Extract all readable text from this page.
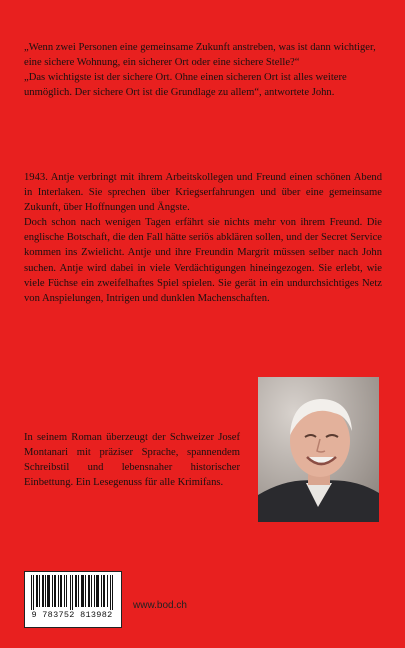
„Wenn zwei Personen eine gemeinsame Zukunft anstreben, was ist dann wichtiger, eine sichere Wohnung, ein sicherer Ort oder eine sichere Stelle?“

„Das wichtigste ist der sichere Ort. Ohne einen sicheren Ort ist alles weitere unmöglich. Der sichere Ort ist die Grundlage zu allem“, antwortete John.

1943. Antje verbringt mit ihrem Arbeitskollegen und Freund einen schönen Abend in Interlaken. Sie sprechen über Kriegserfahrungen und über eine gemeinsame Zukunft, über Hoffnungen und Ängste.

Doch schon nach wenigen Tagen erfährt sie nichts mehr von ihrem Freund. Die englische Botschaft, die den Fall hätte seriös abklären sollen, und der Secret Service kommen ins Zwielicht. Antje und ihre Freundin Margrit müssen selber nach John suchen. Antje wird dabei in viele Verdächtigungen hineingezogen. Sie erlebt, wie viele Füchse ein zweifelhaftes Spiel spielen. Sie gerät in ein undurchsichtiges Netz von Anspielungen, Intrigen und dunklen Machenschaften.

In seinem Roman überzeugt der Schweizer Josef Montanari mit präziser Sprache, spannendem Schreibstil und lebensnaher historischer Einbettung. Ein Lesegenuss für alle Krimifans.
9 783752 813982
www.bod.ch
